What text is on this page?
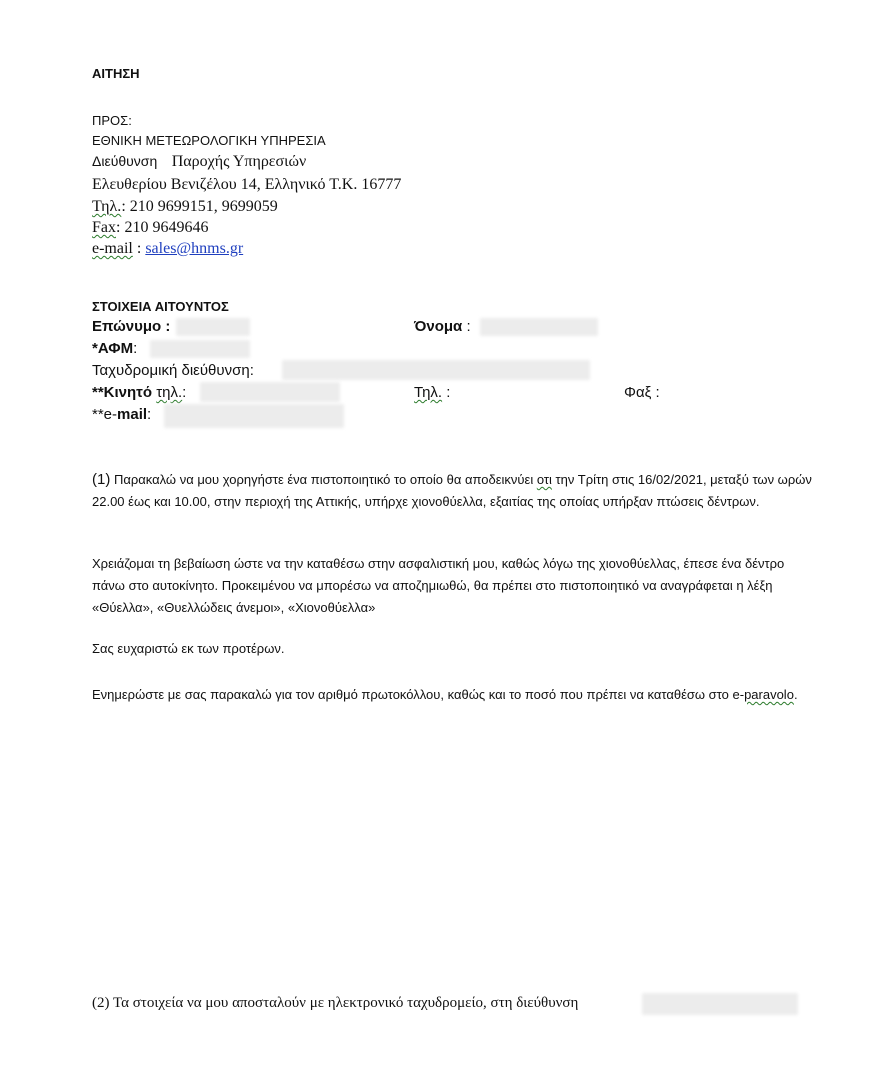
ΑΙΤΗΣΗ
ΠΡΟΣ:
ΕΘΝΙΚΗ ΜΕΤΕΩΡΟΛΟΓΙΚΗ ΥΠΗΡΕΣΙΑ
Διεύθυνση Παροχής Υπηρεσιών
Ελευθερίου Βενιζέλου 14, Ελληνικό Τ.Κ. 16777
Τηλ.: 210 9699151, 9699059
Fax: 210 9649646
e-mail : sales@hnms.gr
ΣΤΟΙΧΕΙΑ ΑΙΤΟΥΝΤΟΣ
Επώνυμο :	Όνομα :
*ΑΦΜ:
Ταχυδρομική διεύθυνση:
**Κινητό τηλ.:	Τηλ. :	Φαξ :
**e-mail:
(1) Παρακαλώ να μου χορηγήστε ένα πιστοποιητικό το οποίο θα αποδεικνύει οτι την Τρίτη στις 16/02/2021, μεταξύ των ωρών 22.00 έως και 10.00, στην περιοχή της Αττικής, υπήρχε χιονοθύελλα, εξαιτίας της οποίας υπήρξαν πτώσεις δέντρων.
Χρειάζομαι τη βεβαίωση ώστε να την καταθέσω στην ασφαλιστική μου, καθώς λόγω της χιονοθύελλας, έπεσε ένα δέντρο πάνω στο αυτοκίνητο. Προκειμένου να μπορέσω να αποζημιωθώ, θα πρέπει στο πιστοποιητικό να αναγράφεται η λέξη «Θύελλα», «Θυελλώδεις άνεμοι», «Χιονοθύελλα»
Σας ευχαριστώ εκ των προτέρων.
Ενημερώστε με σας παρακαλώ για τον αριθμό πρωτοκόλλου, καθώς και το ποσό που πρέπει να καταθέσω στο e-paravolo.
(2) Τα στοιχεία να μου αποσταλούν με ηλεκτρονικό ταχυδρομείο, στη διεύθυνση
